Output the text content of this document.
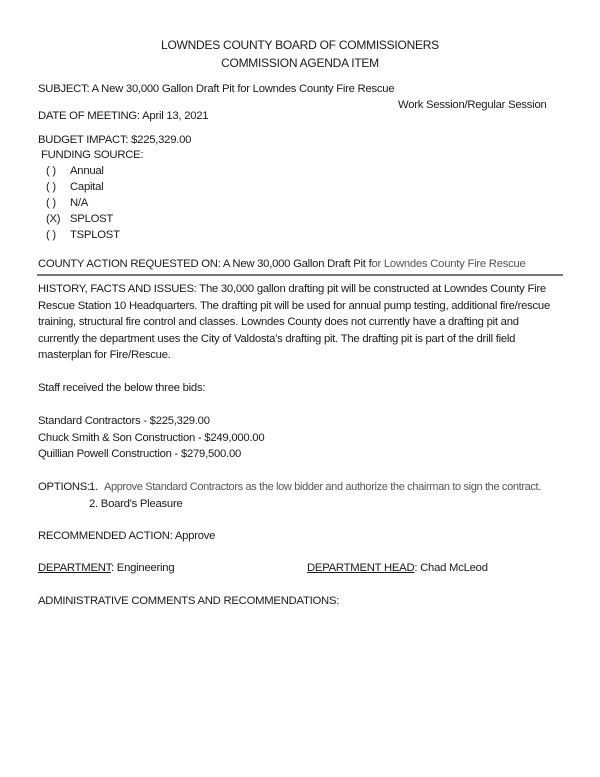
LOWNDES COUNTY BOARD OF COMMISSIONERS
COMMISSION AGENDA ITEM
SUBJECT: A New 30,000 Gallon Draft Pit for Lowndes County Fire Rescue
DATE OF MEETING: April 13, 2021
Work Session/Regular Session
BUDGET IMPACT: $225,329.00
FUNDING SOURCE:
( ) Annual
( ) Capital
( ) N/A
(X) SPLOST
( ) TSPLOST
COUNTY ACTION REQUESTED ON: A New 30,000 Gallon Draft Pit for Lowndes County Fire Rescue
HISTORY, FACTS AND ISSUES: The 30,000 gallon drafting pit will be constructed at Lowndes County Fire
Rescue Station 10 Headquarters. The drafting pit will be used for annual pump testing, additional fire/rescue
training, structural fire control and classes. Lowndes County does not currently have a drafting pit and
currently the department uses the City of Valdosta's drafting pit. The drafting pit is part of the drill field
masterplan for Fire/Rescue.
Staff received the below three bids:
Standard Contractors - $225,329.00
Chuck Smith & Son Construction - $249,000.00
Quillian Powell Construction - $279,500.00
OPTIONS: 1. Approve Standard Contractors as the low bidder and authorize the chairman to sign the contract.
2. Board's Pleasure
RECOMMENDED ACTION: Approve
DEPARTMENT: Engineering	DEPARTMENT HEAD: Chad McLeod
ADMINISTRATIVE COMMENTS AND RECOMMENDATIONS:
